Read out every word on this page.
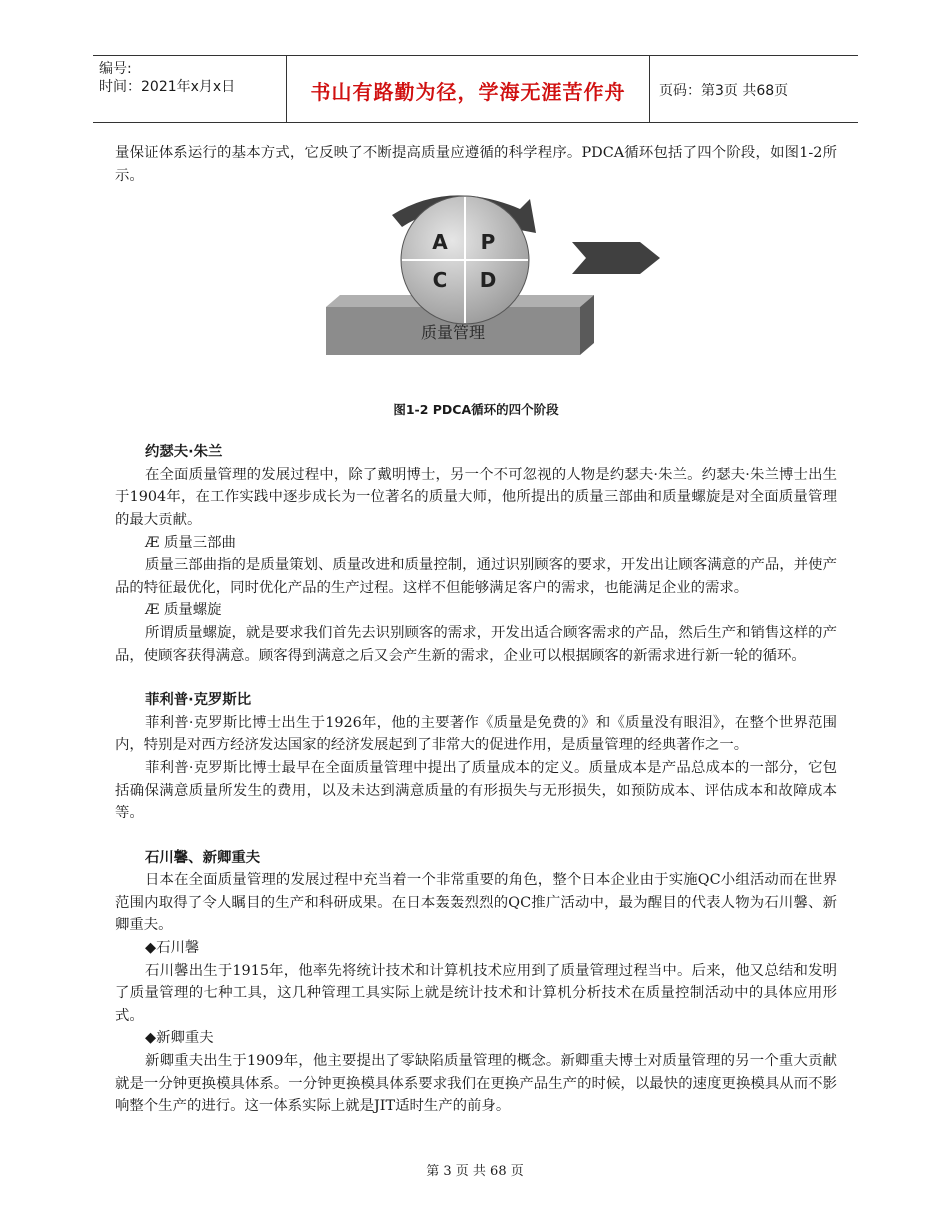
编号:
时间：2021年x月x日	书山有路勤为径，学海无涯苦作舟	页码：第3页 共68页

量保证体系运行的基本方式，它反映了不断提高质量应遵循的科学程序。PDCA循环包括了四个阶段，如图1-2所示。

A P
C D
质量管理
图1-2 PDCA循环的四个阶段

约瑟夫·朱兰

在全面质量管理的发展过程中，除了戴明博士，另一个不可忽视的人物是约瑟夫·朱兰。约瑟夫·朱兰博士出生于1904年，在工作实践中逐步成长为一位著名的质量大师，他所提出的质量三部曲和质量螺旋是对全面质量管理的最大贡献。

Æ 质量三部曲

质量三部曲指的是质量策划、质量改进和质量控制，通过识别顾客的要求，开发出让顾客满意的产品，并使产品的特征最优化，同时优化产品的生产过程。这样不但能够满足客户的需求，也能满足企业的需求。

Æ 质量螺旋

所谓质量螺旋，就是要求我们首先去识别顾客的需求，开发出适合顾客需求的产品，然后生产和销售这样的产品，使顾客获得满意。顾客得到满意之后又会产生新的需求，企业可以根据顾客的新需求进行新一轮的循环。

菲利普·克罗斯比

菲利普·克罗斯比博士出生于1926年，他的主要著作《质量是免费的》和《质量没有眼泪》，在整个世界范围内，特别是对西方经济发达国家的经济发展起到了非常大的促进作用，是质量管理的经典著作之一。

菲利普·克罗斯比博士最早在全面质量管理中提出了质量成本的定义。质量成本是产品总成本的一部分，它包括确保满意质量所发生的费用，以及未达到满意质量的有形损失与无形损失，如预防成本、评估成本和故障成本等。

石川馨、新卿重夫

日本在全面质量管理的发展过程中充当着一个非常重要的角色，整个日本企业由于实施QC小组活动而在世界范围内取得了令人瞩目的生产和科研成果。在日本轰轰烈烈的QC推广活动中，最为醒目的代表人物为石川馨、新卿重夫。

◆石川馨

石川馨出生于1915年，他率先将统计技术和计算机技术应用到了质量管理过程当中。后来，他又总结和发明了质量管理的七种工具，这几种管理工具实际上就是统计技术和计算机分析技术在质量控制活动中的具体应用形式。

◆新卿重夫

新卿重夫出生于1909年，他主要提出了零缺陷质量管理的概念。新卿重夫博士对质量管理的另一个重大贡献就是一分钟更换模具体系。一分钟更换模具体系要求我们在更换产品生产的时候，以最快的速度更换模具从而不影响整个生产的进行。这一体系实际上就是JIT适时生产的前身。

第 3 页 共 68 页
